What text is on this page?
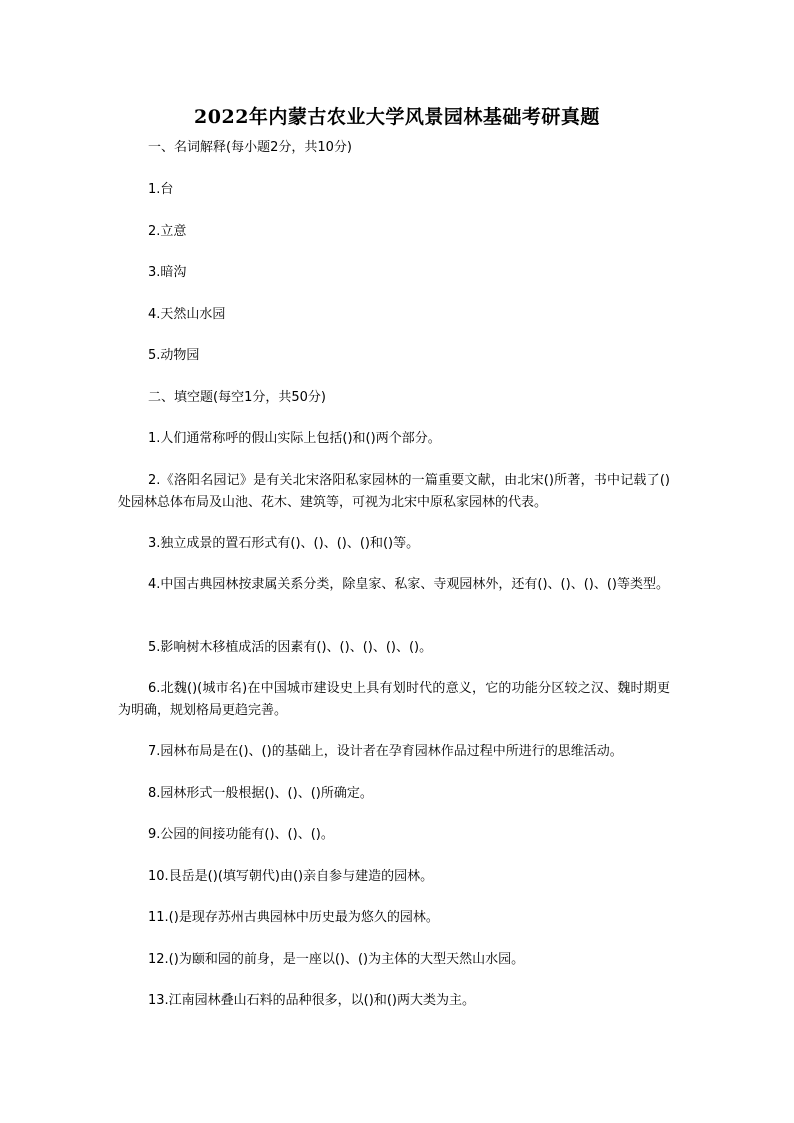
2022年内蒙古农业大学风景园林基础考研真题
一、名词解释(每小题2分，共10分)
1.台
2.立意
3.暗沟
4.天然山水园
5.动物园
二、填空题(每空1分，共50分)
1.人们通常称呼的假山实际上包括()和()两个部分。
2.《洛阳名园记》是有关北宋洛阳私家园林的一篇重要文献，由北宋()所著，书中记载了()处园林总体布局及山池、花木、建筑等，可视为北宋中原私家园林的代表。
3.独立成景的置石形式有()、()、()、()和()等。
4.中国古典园林按隶属关系分类，除皇家、私家、寺观园林外，还有()、()、()、()等类型。
5.影响树木移植成活的因素有()、()、()、()、()。
6.北魏()(城市名)在中国城市建设史上具有划时代的意义，它的功能分区较之汉、魏时期更为明确，规划格局更趋完善。
7.园林布局是在()、()的基础上，设计者在孕育园林作品过程中所进行的思维活动。
8.园林形式一般根据()、()、()所确定。
9.公园的间接功能有()、()、()。
10.艮岳是()(填写朝代)由()亲自参与建造的园林。
11.()是现存苏州古典园林中历史最为悠久的园林。
12.()为颐和园的前身，是一座以()、()为主体的大型天然山水园。
13.江南园林叠山石料的品种很多，以()和()两大类为主。
